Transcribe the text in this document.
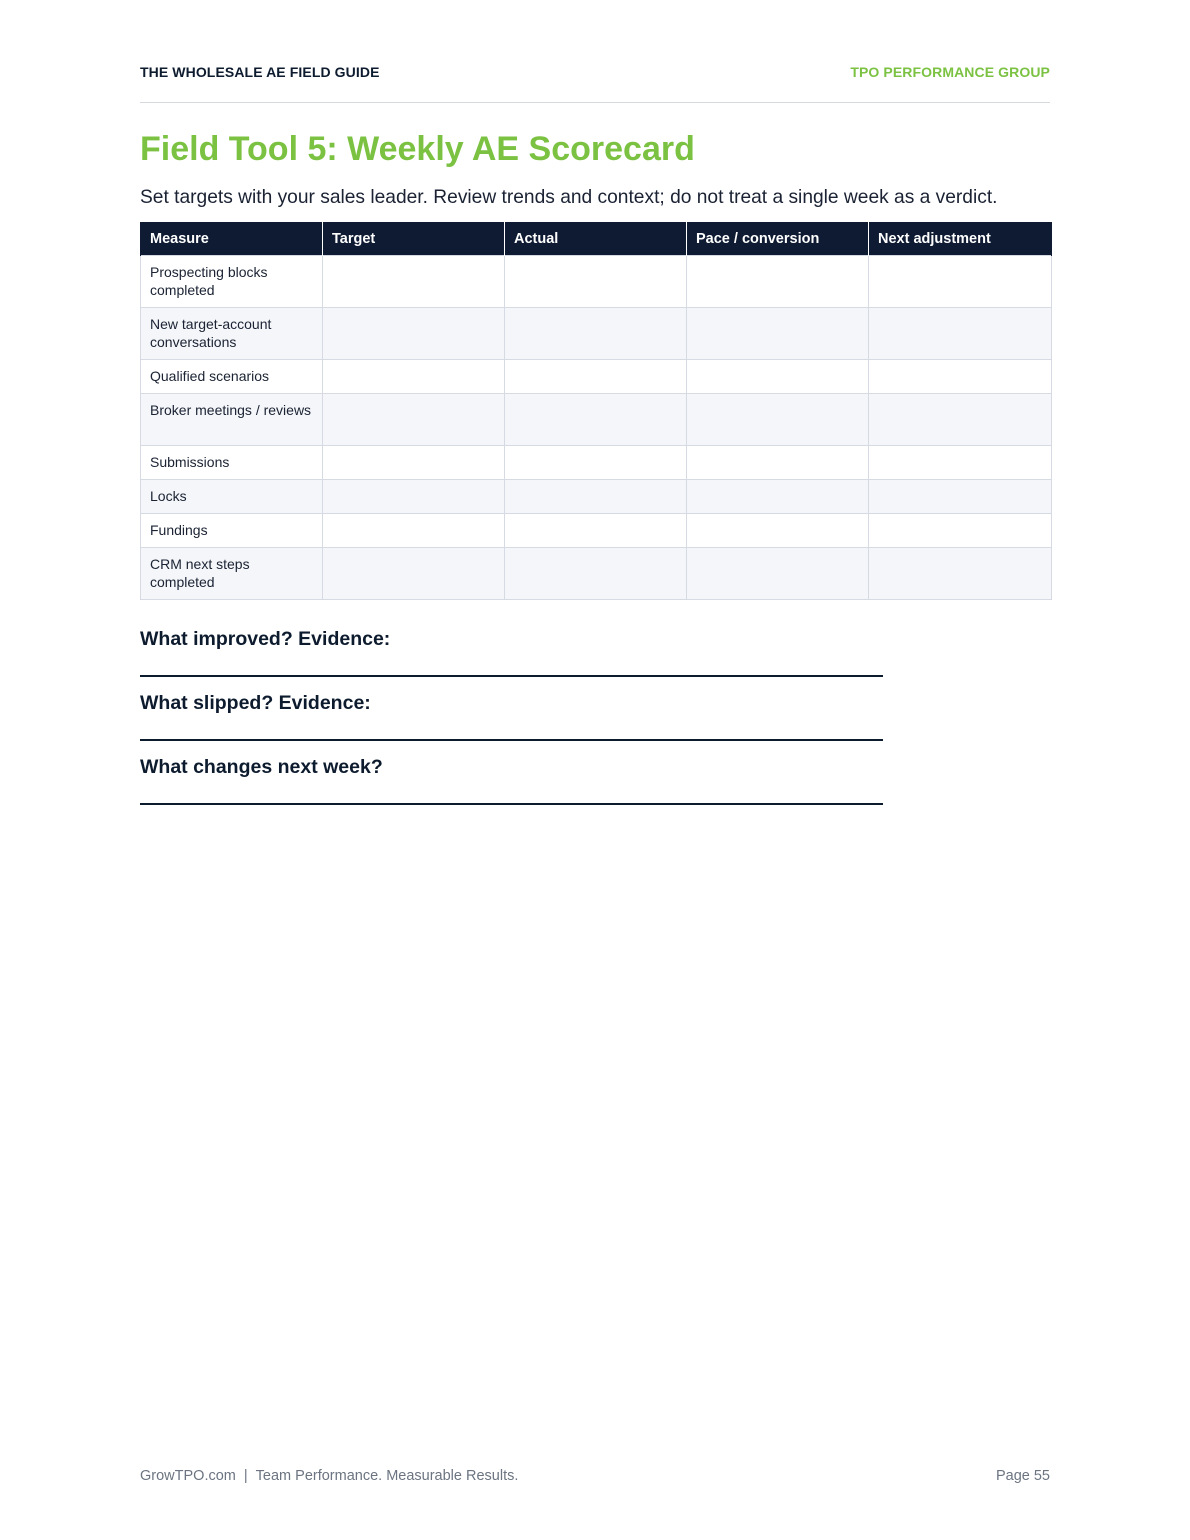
THE WHOLESALE AE FIELD GUIDE	TPO PERFORMANCE GROUP
Field Tool 5: Weekly AE Scorecard
Set targets with your sales leader. Review trends and context; do not treat a single week as a verdict.
Measure	Target	Actual	Pace / conversion	Next adjustment
Prospecting blocks completed				
New target-account conversations				
Qualified scenarios				
Broker meetings / reviews				
Submissions				
Locks				
Fundings				
CRM next steps completed				
What improved? Evidence:
What slipped? Evidence:
What changes next week?
GrowTPO.com | Team Performance. Measurable Results.	Page 55
